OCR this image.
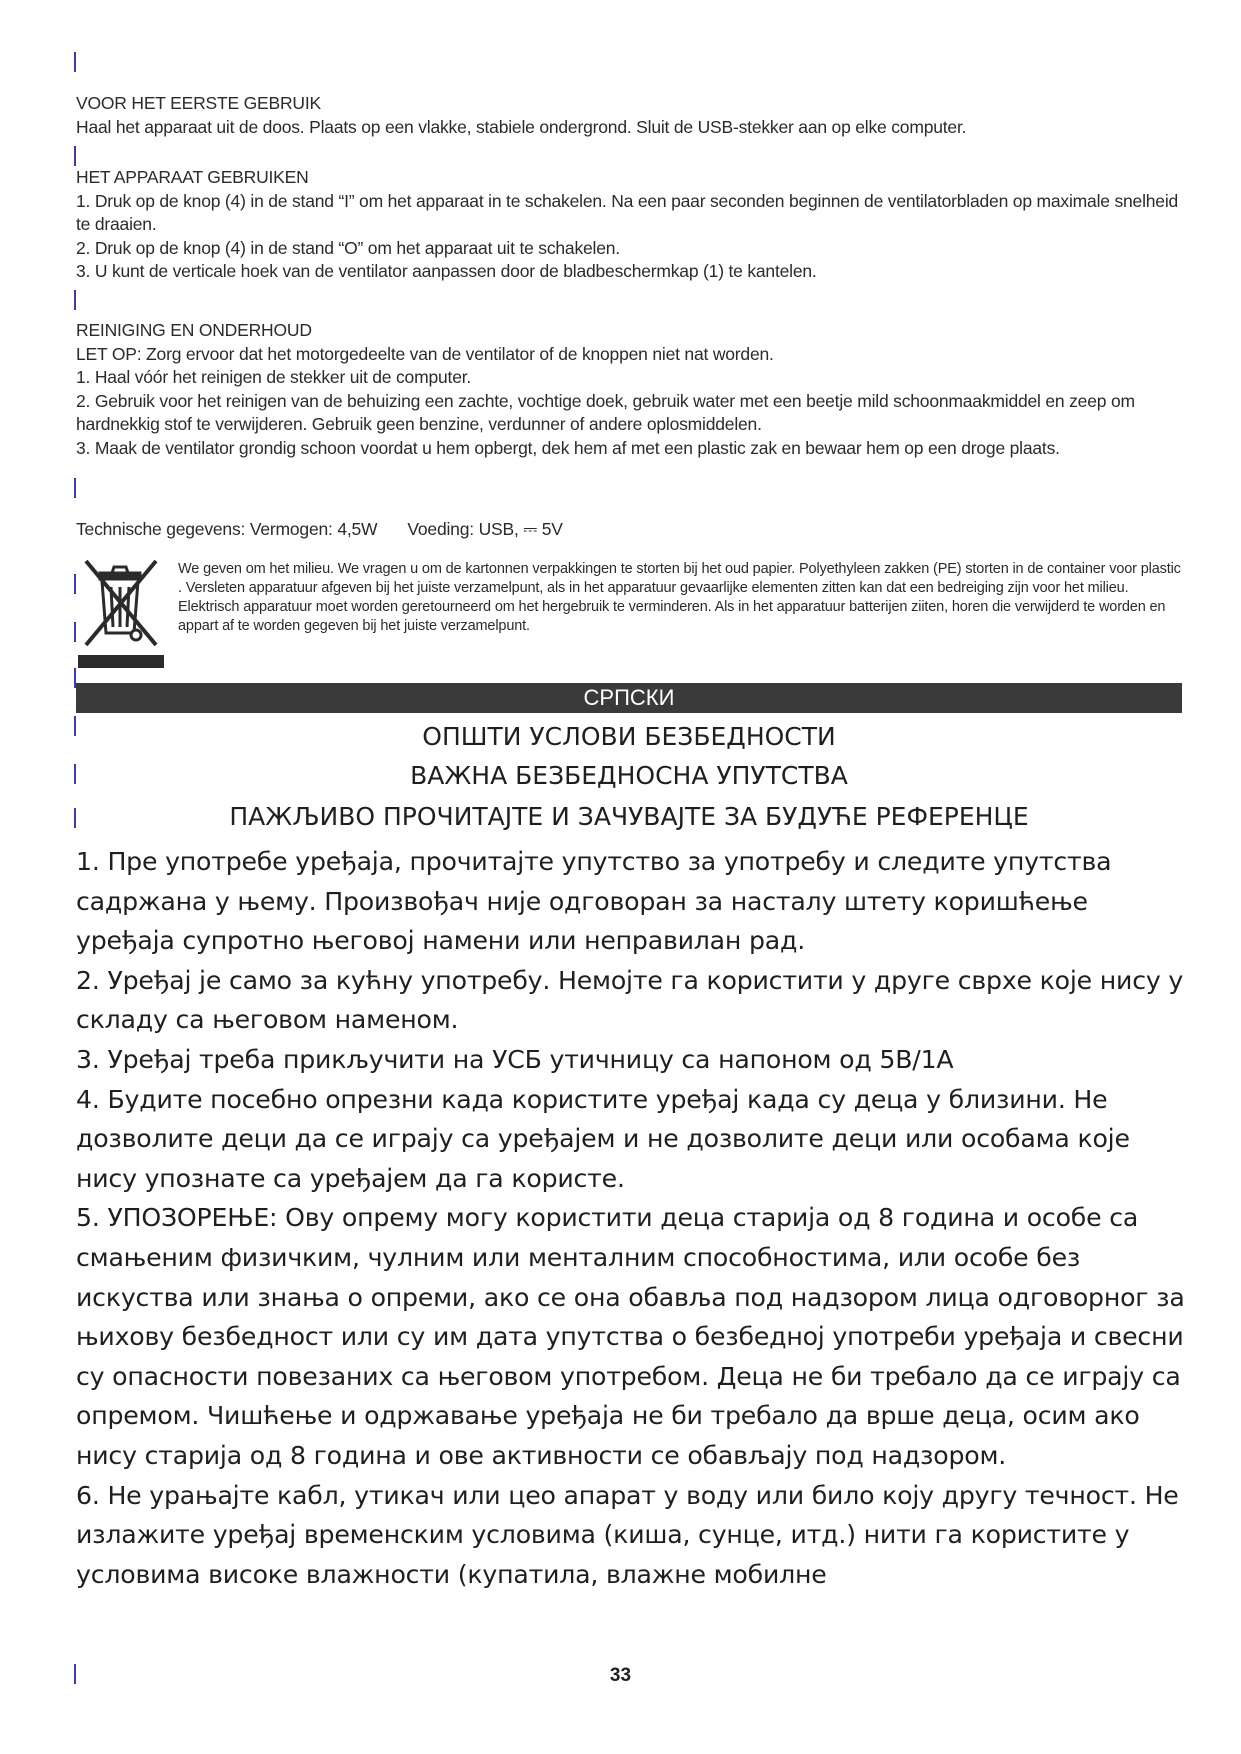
VOOR HET EERSTE GEBRUIK

Haal het apparaat uit de doos. Plaats op een vlakke, stabiele ondergrond. Sluit de USB-stekker aan op elke computer.

HET APPARAAT GEBRUIKEN

1. Druk op de knop (4) in de stand “I” om het apparaat in te schakelen. Na een paar seconden beginnen de ventilatorbladen op maximale snelheid te draaien.

2. Druk op de knop (4) in de stand “O” om het apparaat uit te schakelen.

3. U kunt de verticale hoek van de ventilator aanpassen door de bladbeschermkap (1) te kantelen.

REINIGING EN ONDERHOUD

LET OP: Zorg ervoor dat het motorgedeelte van de ventilator of de knoppen niet nat worden.

1. Haal vóór het reinigen de stekker uit de computer.

2. Gebruik voor het reinigen van de behuizing een zachte, vochtige doek, gebruik water met een beetje mild schoonmaakmiddel en zeep om hardnekkig stof te verwijderen. Gebruik geen benzine, verdunner of andere oplosmiddelen.

3. Maak de ventilator grondig schoon voordat u hem opbergt, dek hem af met een plastic zak en bewaar hem op een droge plaats.

Technische gegevens: Vermogen: 4,5W Voeding: USB, ⎓ 5V
We geven om het milieu. We vragen u om de kartonnen verpakkingen te storten bij het oud papier. Polyethyleen zakken (PE) storten in de container voor plastic . Versleten apparatuur afgeven bij het juiste verzamelpunt, als in het apparatuur gevaarlijke elementen zitten kan dat een bedreiging zijn voor het milieu. Elektrisch apparatuur moet worden geretourneerd om het hergebruik te verminderen. Als in het apparatuur batterijen ziiten, horen die verwijderd te worden en appart af te worden gegeven bij het juiste verzamelpunt.
СРПСКИ
ОПШТИ УСЛОВИ БЕЗБЕДНОСТИ
ВАЖНА БЕЗБЕДНОСНА УПУТСТВА
ПАЖЉИВО ПРОЧИТАЈТЕ И ЗАЧУВАЈТЕ ЗА БУДУЋЕ РЕФЕРЕНЦЕ

1. Пре употребе уређаја, прочитајте упутство за употребу и следите упутства садржана у њему. Произвођач није одговоран за насталу штету коришћење уређаја супротно његовој намени или неправилан рад.

2. Уређај је само за кућну употребу. Немојте га користити у друге сврхе које нису у складу са његовом наменом.

3. Уређај треба прикључити на УСБ утичницу са напоном од 5В/1А

4. Будите посебно опрезни када користите уређај када су деца у близини. Не дозволите деци да се играју са уређајем и не дозволите деци или особама које нису упознате са уређајем да га користе.

5. УПОЗОРЕЊЕ: Ову опрему могу користити деца старија од 8 година и особе са смањеним физичким, чулним или менталним способностима, или особе без искуства или знања о опреми, ако се она обавља под надзором лица одговорног за њихову безбедност или су им дата упутства о безбедној употреби уређаја и свесни су опасности повезаних са његовом употребом. Деца не би требало да се играју са опремом. Чишћење и одржавање уређаја не би требало да врше деца, осим ако нису старија од 8 година и ове активности се обављају под надзором.

6. Не урањајте кабл, утикач или цео апарат у воду или било коју другу течност. Не излажите уређај временским условима (киша, сунце, итд.) нити га користите у условима високе влажности (купатила, влажне мобилне

33
